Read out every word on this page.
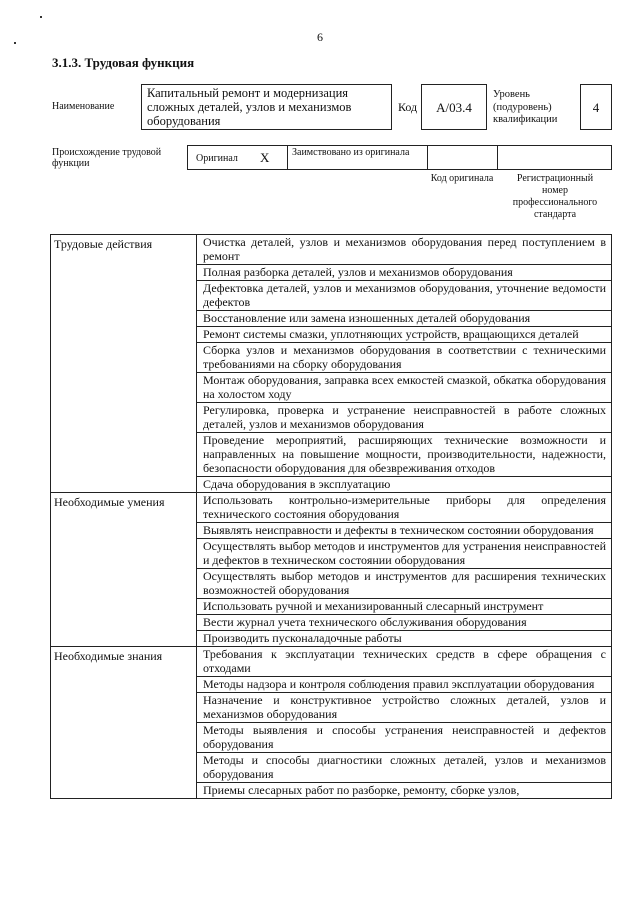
6
3.1.3. Трудовая функция
Наименование
Капитальный ремонт и модернизация сложных деталей, узлов и механизмов оборудования
Код	A/03.4
Уровень (подуровень) квалификации
4
Происхождение трудовой функции	Оригинал X Заимствовано из оригинала
Код оригинала	Регистрационный номер профессионального стандарта
Трудовые действия	Очистка деталей, узлов и механизмов оборудования перед поступлением в ремонт
	Полная разборка деталей, узлов и механизмов оборудования
	Дефектовка деталей, узлов и механизмов оборудования, уточнение ведомости дефектов
	Восстановление или замена изношенных деталей оборудования
	Ремонт системы смазки, уплотняющих устройств, вращающихся деталей
	Сборка узлов и механизмов оборудования в соответствии с техническими требованиями на сборку оборудования
	Монтаж оборудования, заправка всех емкостей смазкой, обкатка оборудования на холостом ходу
	Регулировка, проверка и устранение неисправностей в работе сложных деталей, узлов и механизмов оборудования
	Проведение мероприятий, расширяющих технические возможности и направленных на повышение мощности, производительности, надежности, безопасности оборудования для обезвреживания отходов
	Сдача оборудования в эксплуатацию
Необходимые умения	Использовать контрольно-измерительные приборы для определения технического состояния оборудования
	Выявлять неисправности и дефекты в техническом состоянии оборудования
	Осуществлять выбор методов и инструментов для устранения неисправностей и дефектов в техническом состоянии оборудования
	Осуществлять выбор методов и инструментов для расширения технических возможностей оборудования
	Использовать ручной и механизированный слесарный инструмент
	Вести журнал учета технического обслуживания оборудования
	Производить пусконаладочные работы
Необходимые знания	Требования к эксплуатации технических средств в сфере обращения с отходами
	Методы надзора и контроля соблюдения правил эксплуатации оборудования
	Назначение и конструктивное устройство сложных деталей, узлов и механизмов оборудования
	Методы выявления и способы устранения неисправностей и дефектов оборудования
	Методы и способы диагностики сложных деталей, узлов и механизмов оборудования
	Приемы слесарных работ по разборке, ремонту, сборке узлов,
